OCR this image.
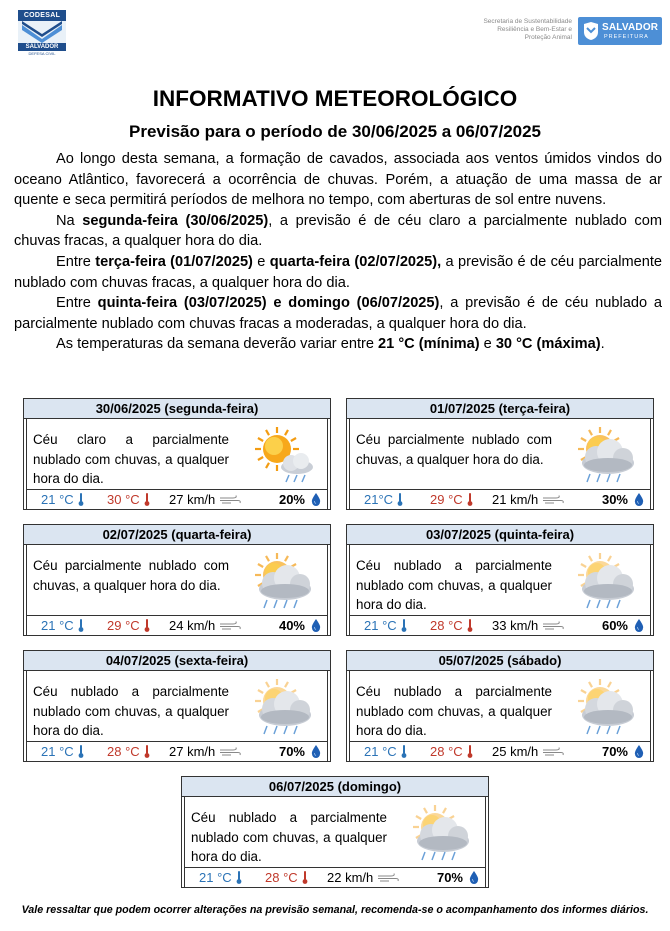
CODESAL
SALVADOR
DEFESA CIVIL
Secretaria de Sustentabilidade
Resiliência e Bem-Estar e
Proteção Animal
SALVADOR
PREFEITURA
INFORMATIVO METEOROLÓGICO
Previsão para o período de 30/06/2025 a 06/07/2025

Ao longo desta semana, a formação de cavados, associada aos ventos úmidos vindos do oceano Atlântico, favorecerá a ocorrência de chuvas. Porém, a atuação de uma massa de ar quente e seca permitirá períodos de melhora no tempo, com aberturas de sol entre nuvens.

Na segunda-feira (30/06/2025), a previsão é de céu claro a parcialmente nublado com chuvas fracas, a qualquer hora do dia.

Entre terça-feira (01/07/2025) e quarta-feira (02/07/2025), a previsão é de céu parcialmente nublado com chuvas fracas, a qualquer hora do dia.

Entre quinta-feira (03/07/2025) e domingo (06/07/2025), a previsão é de céu nublado a parcialmente nublado com chuvas fracas a moderadas, a qualquer hora do dia.

As temperaturas da semana deverão variar entre 21 °C (mínima) e 30 °C (máxima).

30/06/2025 (segunda-feira)
Céu claro a parcialmente nublado com chuvas, a qualquer hora do dia.
21 °C	30 °C	27 km/h	20%
01/07/2025 (terça-feira)
Céu parcialmente nublado com chuvas, a qualquer hora do dia.
21°C	29 °C	21 km/h	30%
02/07/2025 (quarta-feira)
Céu parcialmente nublado com chuvas, a qualquer hora do dia.
21 °C	29 °C	24 km/h	40%
03/07/2025 (quinta-feira)
Céu nublado a parcialmente nublado com chuvas, a qualquer hora do dia.
21 °C	28 °C	33 km/h	60%
04/07/2025 (sexta-feira)
Céu nublado a parcialmente nublado com chuvas, a qualquer hora do dia.
21 °C	28 °C	27 km/h	70%
05/07/2025 (sábado)
Céu nublado a parcialmente nublado com chuvas, a qualquer hora do dia.
21 °C	28 °C	25 km/h	70%
06/07/2025 (domingo)
Céu nublado a parcialmente nublado com chuvas, a qualquer hora do dia.
21 °C	28 °C	22 km/h	70%
Vale ressaltar que podem ocorrer alterações na previsão semanal, recomenda-se o acompanhamento dos informes diários.
